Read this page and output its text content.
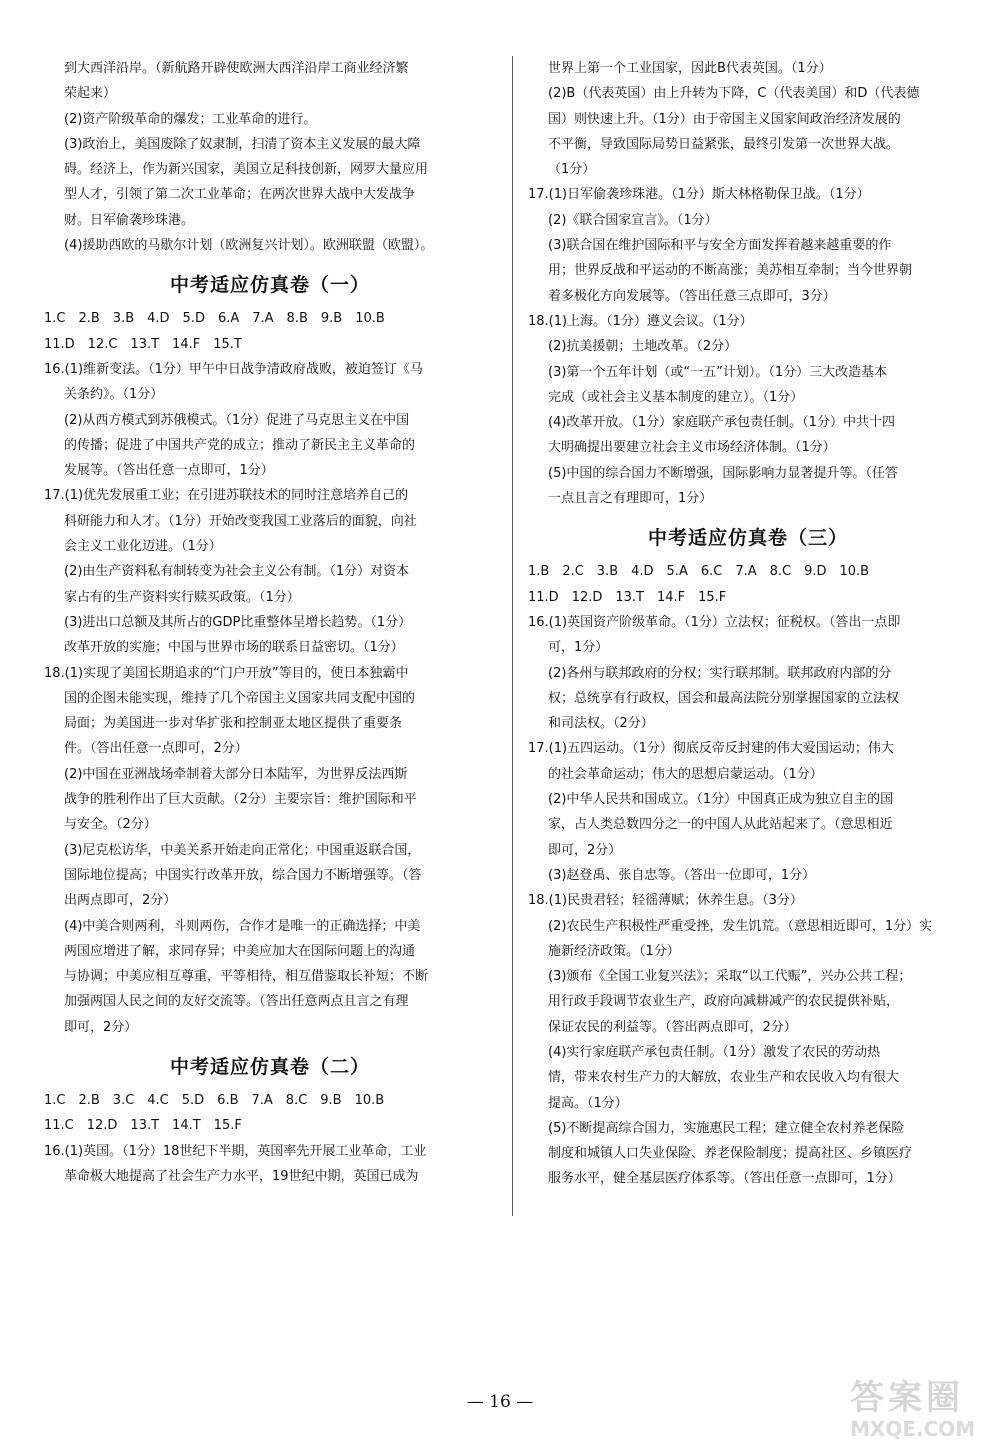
到大西洋沿岸。（新航路开辟使欧洲大西洋沿岸工商业经济繁

荣起来）

(2)资产阶级革命的爆发；工业革命的进行。

(3)政治上，美国废除了奴隶制，扫清了资本主义发展的最大障

碍。经济上，作为新兴国家，美国立足科技创新，网罗大量应用

型人才，引领了第二次工业革命；在两次世界大战中大发战争

财。日军偷袭珍珠港。

(4)援助西欧的马歇尔计划（欧洲复兴计划）。欧洲联盟（欧盟）。

中考适应仿真卷（一）

1.C　2.B　3.B　4.D　5.D　6.A　7.A　8.B　9.B　10.B

11.D　12.C　13.T　14.F　15.T

16.(1)维新变法。（1分）甲午中日战争清政府战败，被迫签订《马

关条约》。（1分）

(2)从西方模式到苏俄模式。（1分）促进了马克思主义在中国

的传播；促进了中国共产党的成立；推动了新民主主义革命的

发展等。（答出任意一点即可，1分）

17.(1)优先发展重工业；在引进苏联技术的同时注意培养自己的

科研能力和人才。（1分）开始改变我国工业落后的面貌，向社

会主义工业化迈进。（1分）

(2)由生产资料私有制转变为社会主义公有制。（1分）对资本

家占有的生产资料实行赎买政策。（1分）

(3)进出口总额及其所占的GDP比重整体呈增长趋势。（1分）

改革开放的实施；中国与世界市场的联系日益密切。（1分）

18.(1)实现了美国长期追求的“门户开放”等目的，使日本独霸中

国的企图未能实现，维持了几个帝国主义国家共同支配中国的

局面；为美国进一步对华扩张和控制亚太地区提供了重要条

件。（答出任意一点即可，2分）

(2)中国在亚洲战场牵制着大部分日本陆军，为世界反法西斯

战争的胜利作出了巨大贡献。（2分）主要宗旨：维护国际和平

与安全。（2分）

(3)尼克松访华，中美关系开始走向正常化；中国重返联合国，

国际地位提高；中国实行改革开放，综合国力不断增强等。（答

出两点即可，2分）

(4)中美合则两利，斗则两伤，合作才是唯一的正确选择；中美

两国应增进了解，求同存异；中美应加大在国际问题上的沟通

与协调；中美应相互尊重，平等相待，相互借鉴取长补短；不断

加强两国人民之间的友好交流等。（答出任意两点且言之有理

即可，2分）

中考适应仿真卷（二）

1.C　2.B　3.C　4.C　5.D　6.B　7.A　8.C　9.B　10.B

11.C　12.D　13.T　14.T　15.F

16.(1)英国。（1分）18世纪下半期，英国率先开展工业革命，工业

革命极大地提高了社会生产力水平，19世纪中期，英国已成为

世界上第一个工业国家，因此B代表英国。（1分）

(2)B（代表英国）由上升转为下降，C（代表美国）和D（代表德

国）则快速上升。（1分）由于帝国主义国家间政治经济发展的

不平衡，导致国际局势日益紧张，最终引发第一次世界大战。

（1分）

17.(1)日军偷袭珍珠港。（1分）斯大林格勒保卫战。（1分）

(2)《联合国家宣言》。（1分）

(3)联合国在维护国际和平与安全方面发挥着越来越重要的作

用；世界反战和平运动的不断高涨；美苏相互牵制；当今世界朝

着多极化方向发展等。（答出任意三点即可，3分）

18.(1)上海。（1分）遵义会议。（1分）

(2)抗美援朝；土地改革。（2分）

(3)第一个五年计划（或“一五”计划）。（1分）三大改造基本

完成（或社会主义基本制度的建立）。（1分）

(4)改革开放。（1分）家庭联产承包责任制。（1分）中共十四

大明确提出要建立社会主义市场经济体制。（1分）

(5)中国的综合国力不断增强，国际影响力显著提升等。（任答

一点且言之有理即可，1分）

中考适应仿真卷（三）

1.B　2.C　3.B　4.D　5.A　6.C　7.A　8.C　9.D　10.B

11.D　12.D　13.T　14.F　15.F

16.(1)英国资产阶级革命。（1分）立法权；征税权。（答出一点即

可，1分）

(2)各州与联邦政府的分权；实行联邦制。联邦政府内部的分

权；总统享有行政权，国会和最高法院分别掌握国家的立法权

和司法权。（2分）

17.(1)五四运动。（1分）彻底反帝反封建的伟大爱国运动；伟大

的社会革命运动；伟大的思想启蒙运动。（1分）

(2)中华人民共和国成立。（1分）中国真正成为独立自主的国

家，占人类总数四分之一的中国人从此站起来了。（意思相近

即可，2分）

(3)赵登禹、张自忠等。（答出一位即可，1分）

18.(1)民贵君轻；轻徭薄赋；休养生息。（3分）

(2)农民生产积极性严重受挫，发生饥荒。（意思相近即可，1分）实

施新经济政策。（1分）

(3)颁布《全国工业复兴法》；采取“以工代赈”，兴办公共工程；

用行政手段调节农业生产，政府向减耕减产的农民提供补贴，

保证农民的利益等。（答出两点即可，2分）

(4)实行家庭联产承包责任制。（1分）激发了农民的劳动热

情，带来农村生产力的大解放，农业生产和农民收入均有很大

提高。（1分）

(5)不断提高综合国力，实施惠民工程；建立健全农村养老保险

制度和城镇人口失业保险、养老保险制度；提高社区、乡镇医疗

服务水平，健全基层医疗体系等。（答出任意一点即可，1分）

— 16 —	答案圈
MXQE.COM
